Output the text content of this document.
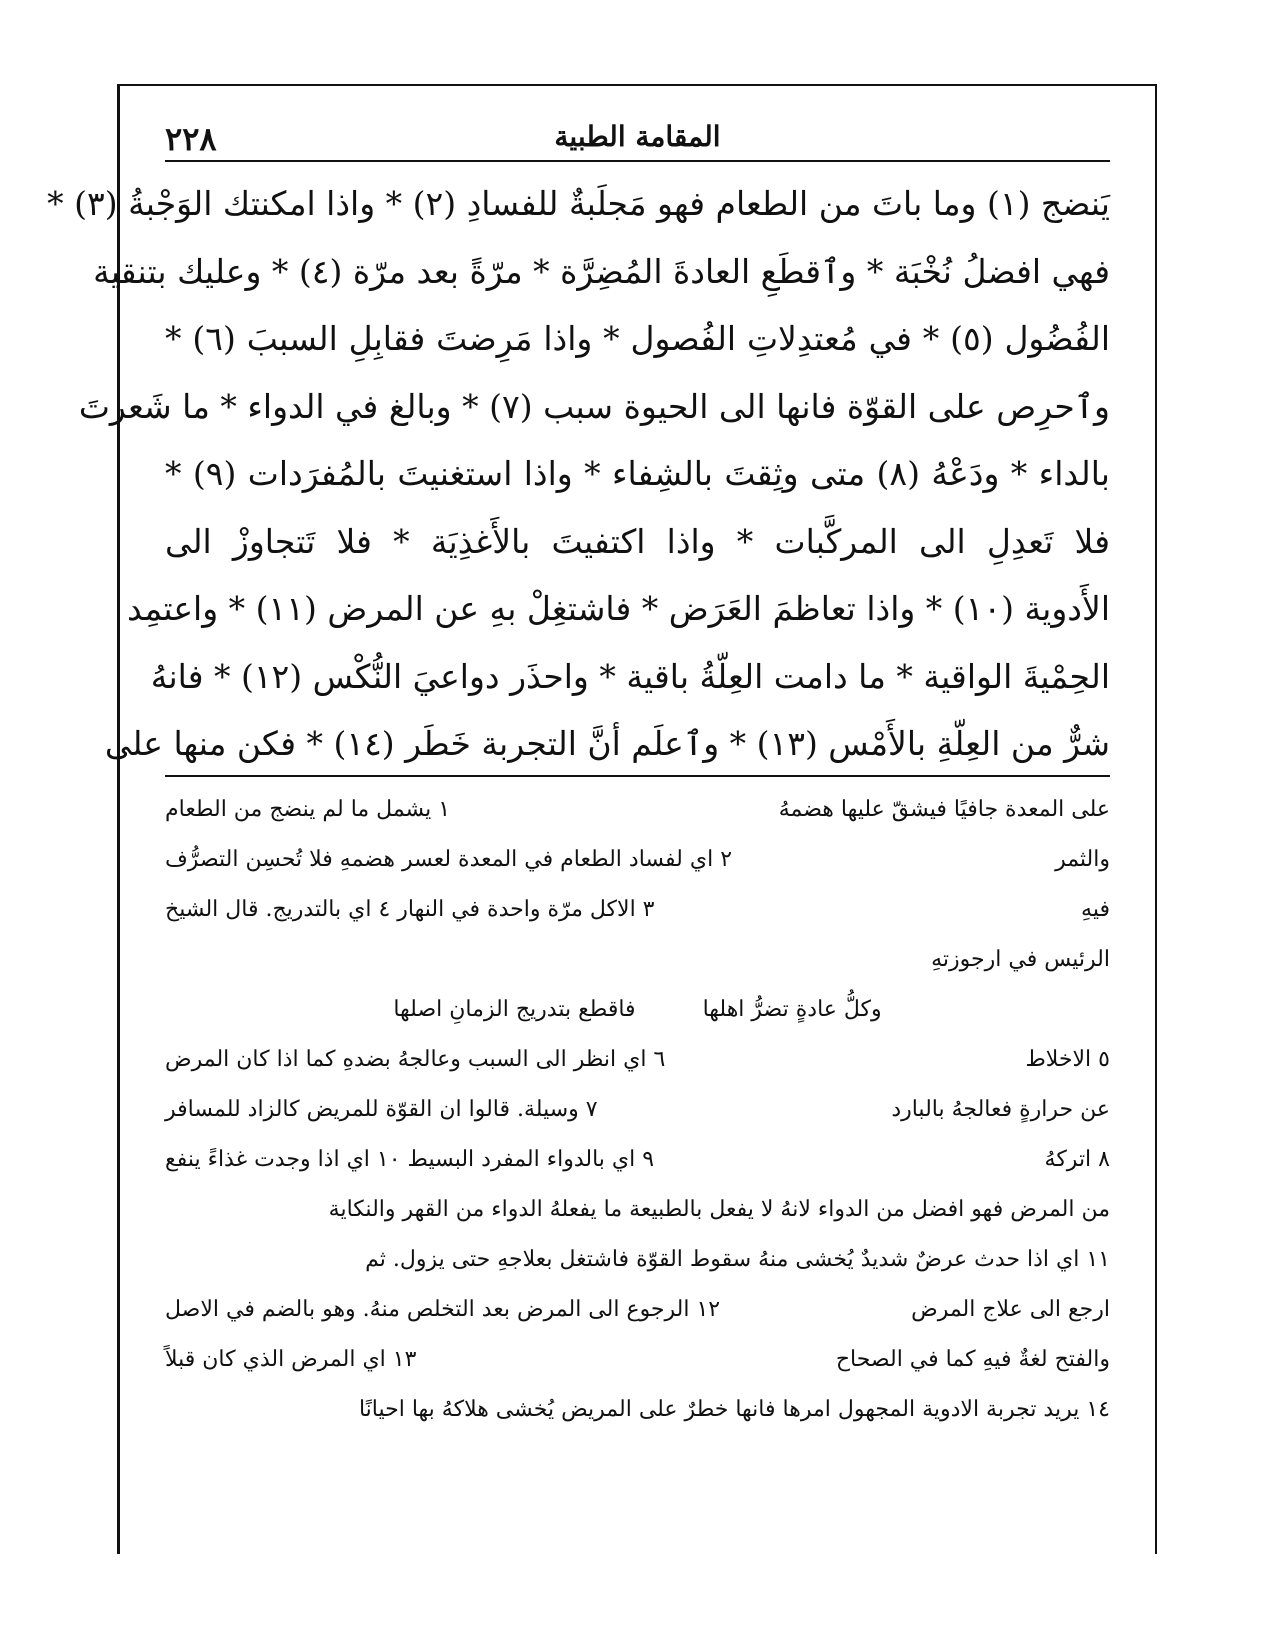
٢٢٨	المقامة الطبية
يَنضج (١) وما باتَ من الطعام فهو مَجلَبةٌ للفسادِ (٢) * واذا امكنتك الوَجْبةُ (٣) *
فهي افضلُ نُخْبَة * وٱقطَعِ العادةَ المُضِرَّة * مرّةً بعد مرّة (٤) * وعليك بتنقية
الفُضُول (٥) * في مُعتدِلاتِ الفُصول * واذا مَرِضتَ فقابِلِ السببَ (٦) *
وٱحرِص على القوّة فانها الى الحيوة سبب (٧) * وبالغ في الدواء * ما شَعرتَ
بالداء * ودَعْهُ (٨) متى وثِقتَ بالشِفاء * واذا استغنيتَ بالمُفرَدات (٩) *
فلا تَعدِلِ الى المركَّبات * واذا اكتفيتَ بالأَغذِيَة * فلا تَتجاوزْ الى
الأَدوية (١٠) * واذا تعاظمَ العَرَض * فاشتغِلْ بهِ عن المرض (١١) * واعتمِد
الحِمْيةَ الواقية * ما دامت العِلّةُ باقية * واحذَر دواعيَ النُّكْس (١٢) * فانهُ
شرٌّ من العِلّةِ بالأَمْس (١٣) * وٱعلَم أنَّ التجربة خَطَر (١٤) * فكن منها على
على المعدة جافيًا فيشقّ عليها هضمهُ
١ يشمل ما لم ينضج من الطعام
والثمر
٢ اي لفساد الطعام في المعدة لعسر هضمهِ فلا تُحسِن التصرُّف
فيهِ
٣ الاكل مرّة واحدة في النهار ٤ اي بالتدريج. قال الشيخ
الرئيس في ارجوزتهِ
وكلُّ عادةٍ تضرُّ اهلها فاقطع بتدريج الزمانِ اصلها
٥ الاخلاط
٦ اي انظر الى السبب وعالجهُ بضدهِ كما اذا كان المرض
عن حرارةٍ فعالجهُ بالبارد
٧ وسيلة. قالوا ان القوّة للمريض كالزاد للمسافر
٨ اتركهُ
٩ اي بالدواء المفرد البسيط ١٠ اي اذا وجدت غذاءً ينفع
من المرض فهو افضل من الدواء لانهُ لا يفعل بالطبيعة ما يفعلهُ الدواء من القهر والنكاية
١١ اي اذا حدث عرضٌ شديدٌ يُخشى منهُ سقوط القوّة فاشتغل بعلاجهِ حتى يزول. ثم
ارجع الى علاج المرض
١٢ الرجوع الى المرض بعد التخلص منهُ. وهو بالضم في الاصل
والفتح لغةٌ فيهِ كما في الصحاح
١٣ اي المرض الذي كان قبلاً
١٤ يريد تجربة الادوية المجهول امرها فانها خطرٌ على المريض يُخشى هلاكهُ بها احيانًا
